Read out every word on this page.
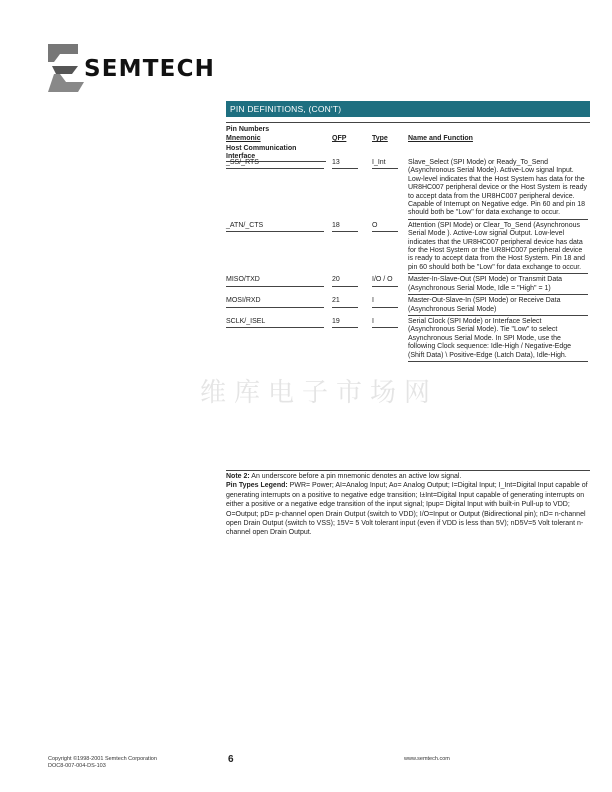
SEMTECH
PIN DEFINITIONS, (CON'T)
Pin Numbers
Mnemonic	QFP	Type	Name and Function
Host Communication Interface
_SS/_RTS	13	I_Int	Slave_Select (SPI Mode) or Ready_To_Send (Asynchronous Serial Mode). Active-Low signal Input. Low-level indicates that the Host System has data for the UR8HC007 peripheral device or the Host System is ready to accept data from the UR8HC007 peripheral device. Capable of Interrupt on Negative edge. Pin 60 and pin 18 should both be "Low" for data exchange to occur.
_ATN/_CTS	18	O	Attention (SPI Mode) or Clear_To_Send (Asynchronous Serial Mode ). Active-Low signal Output. Low-level indicates that the UR8HC007 peripheral device has data for the Host System or the UR8HC007 peripheral device is ready to accept data from the Host System. Pin 18 and pin 60 should both be "Low" for data exchange to occur.
MISO/TXD	20	I/O / O	Master-In-Slave-Out (SPI Mode) or Transmit Data (Asynchronous Serial Mode, Idle = "High" = 1)
MOSI/RXD	21	I	Master-Out-Slave-In (SPI Mode) or Receive Data (Asynchronous Serial Mode)
SCLK/_ISEL	19	I	Serial Clock (SPI Mode) or Interface Select (Asynchronous Serial Mode). Tie "Low" to select Asynchronous Serial Mode. In SPI Mode, use the following Clock sequence: Idle-High / Negative-Edge (Shift Data) \ Positive-Edge (Latch Data), Idle-High.
维库电子市场网
Note 2: An underscore before a pin mnemonic denotes an active low signal.
Pin Types Legend: PWR= Power; AI=Analog Input; Ao= Analog Output; I=Digital Input; I_Int=Digital Input capable of generating interrupts on a positive to negative edge transition; I±Int=Digital Input capable of generating interrupts on either a positive or a negative edge transition of the input signal; Ipup= Digital Input with built-in Pull-up to VDD; O=Output; pD= p-channel open Drain Output (switch to VDD); I/O=Input or Output (Bidirectional pin); nD= n-channel open Drain Output (switch to VSS); 15V= 5 Volt tolerant input (even if VDD is less than 5V); nD5V=5 Volt tolerant n-channel open Drain Output.
Copyright ©1998-2001 Semtech Corporation
DOC8-007-004-DS-103
6	www.semtech.com
